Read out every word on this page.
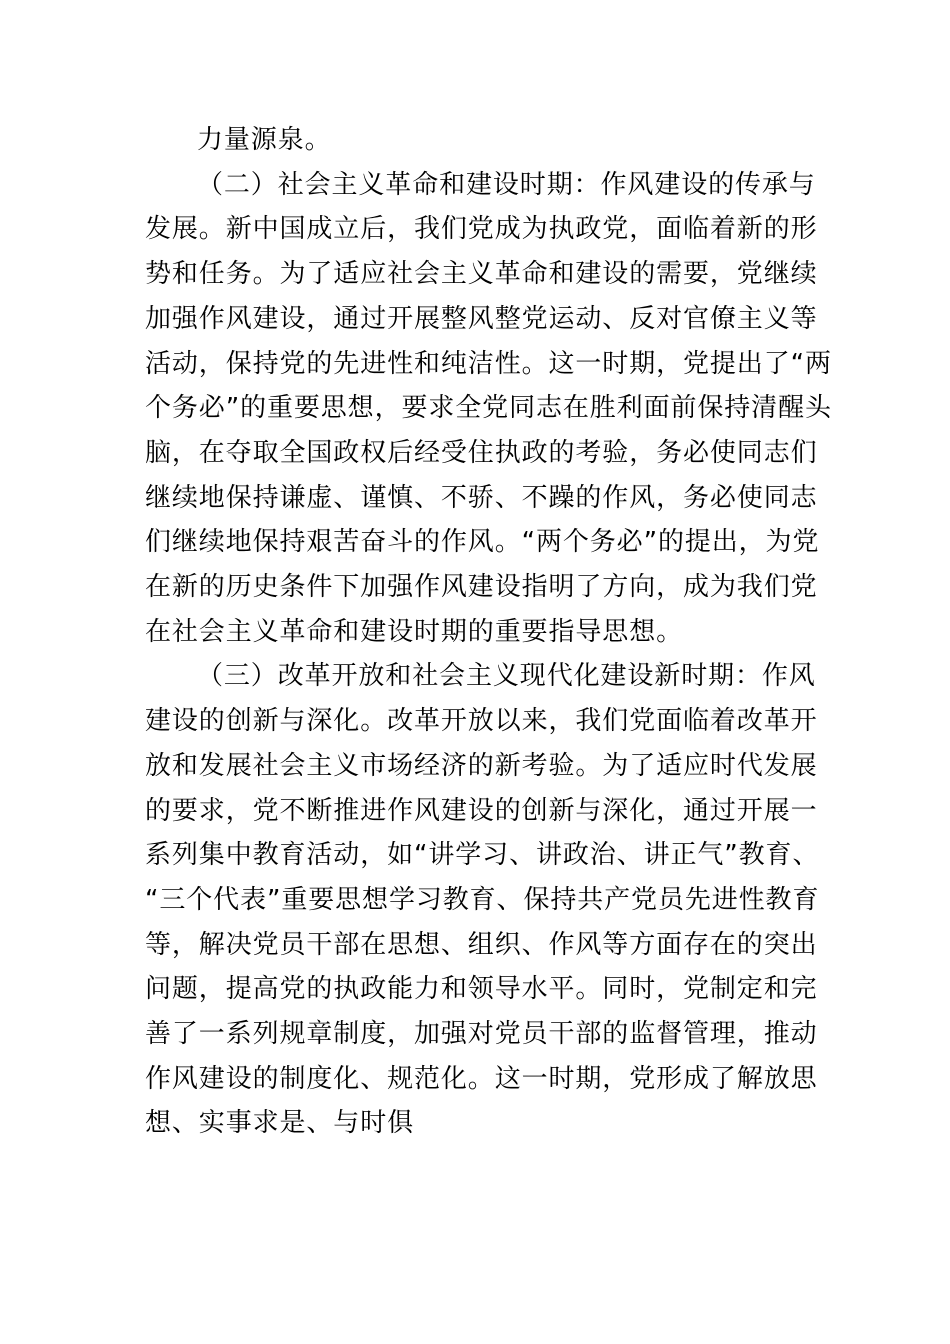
力量源泉。
（二）社会主义革命和建设时期：作风建设的传承与
发展。新中国成立后，我们党成为执政党，面临着新的形
势和任务。为了适应社会主义革命和建设的需要，党继续
加强作风建设，通过开展整风整党运动、反对官僚主义等
活动，保持党的先进性和纯洁性。这一时期，党提出了“两
个务必”的重要思想，要求全党同志在胜利面前保持清醒头
脑，在夺取全国政权后经受住执政的考验，务必使同志们
继续地保持谦虚、谨慎、不骄、不躁的作风，务必使同志
们继续地保持艰苦奋斗的作风。“两个务必”的提出，为党
在新的历史条件下加强作风建设指明了方向，成为我们党
在社会主义革命和建设时期的重要指导思想。
（三）改革开放和社会主义现代化建设新时期：作风
建设的创新与深化。改革开放以来，我们党面临着改革开
放和发展社会主义市场经济的新考验。为了适应时代发展
的要求，党不断推进作风建设的创新与深化，通过开展一
系列集中教育活动，如“讲学习、讲政治、讲正气”教育、
“三个代表”重要思想学习教育、保持共产党员先进性教育
等，解决党员干部在思想、组织、作风等方面存在的突出
问题，提高党的执政能力和领导水平。同时，党制定和完
善了一系列规章制度，加强对党员干部的监督管理，推动
作风建设的制度化、规范化。这一时期，党形成了解放思
想、实事求是、与时俱
